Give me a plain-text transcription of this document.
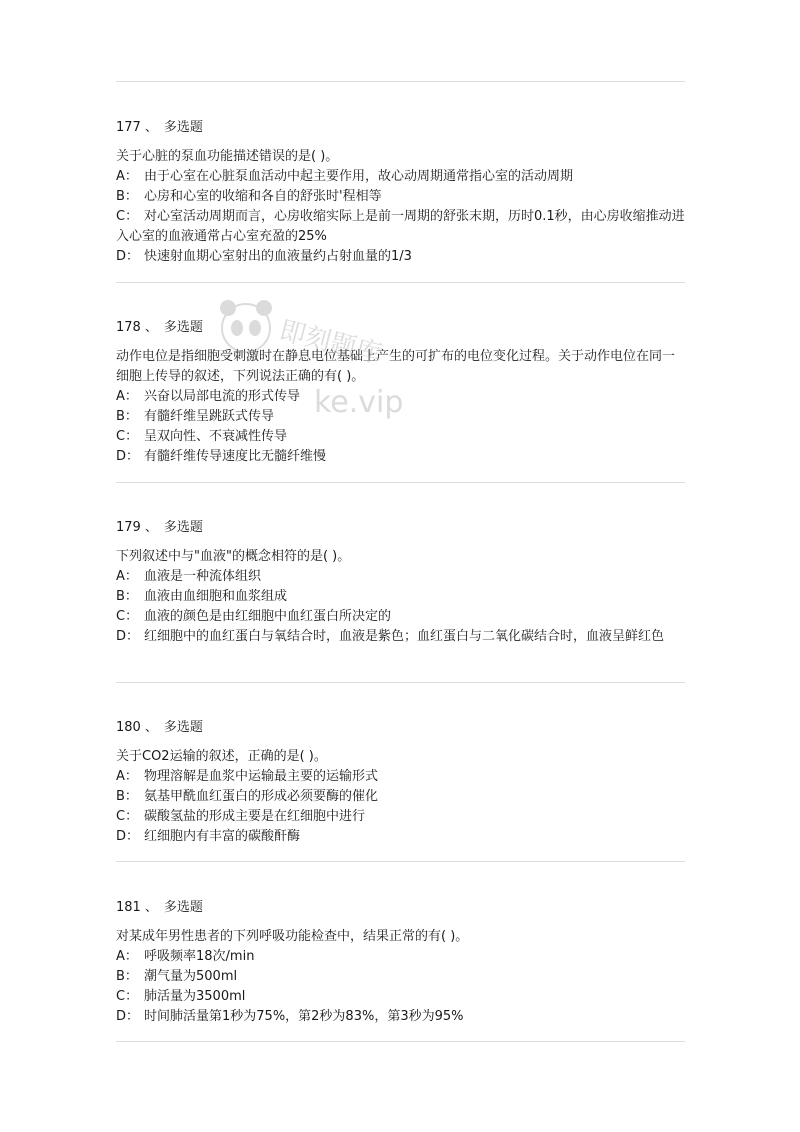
177 、 多选题

关于心脏的泵血功能描述错误的是( )。

A： 由于心室在心脏泵血活动中起主要作用，故心动周期通常指心室的活动周期

B： 心房和心室的收缩和各自的舒张时'程相等

C： 对心室活动周期而言，心房收缩实际上是前一周期的舒张末期，历时0.1秒，由心房收缩推动进入心室的血液通常占心室充盈的25%

D： 快速射血期心室射出的血液量约占射血量的1/3

178 、 多选题

动作电位是指细胞受刺激时在静息电位基础上产生的可扩布的电位变化过程。关于动作电位在同一细胞上传导的叙述，下列说法正确的有( )。

A： 兴奋以局部电流的形式传导

B： 有髓纤维呈跳跃式传导

C： 呈双向性、不衰减性传导

D： 有髓纤维传导速度比无髓纤维慢

179 、 多选题

下列叙述中与"血液"的概念相符的是( )。

A： 血液是一种流体组织

B： 血液由血细胞和血浆组成

C： 血液的颜色是由红细胞中血红蛋白所决定的

D： 红细胞中的血红蛋白与氧结合时，血液是紫色；血红蛋白与二氧化碳结合时，血液呈鲜红色

180 、 多选题

关于CO2运输的叙述，正确的是( )。

A： 物理溶解是血浆中运输最主要的运输形式

B： 氨基甲酰血红蛋白的形成必须要酶的催化

C： 碳酸氢盐的形成主要是在红细胞中进行

D： 红细胞内有丰富的碳酸酐酶

181 、 多选题

对某成年男性患者的下列呼吸功能检查中，结果正常的有( )。

A： 呼吸频率18次/min

B： 潮气量为500ml

C： 肺活量为3500ml

D： 时间肺活量第1秒为75%，第2秒为83%，第3秒为95%

即刻题库
ke.vip
